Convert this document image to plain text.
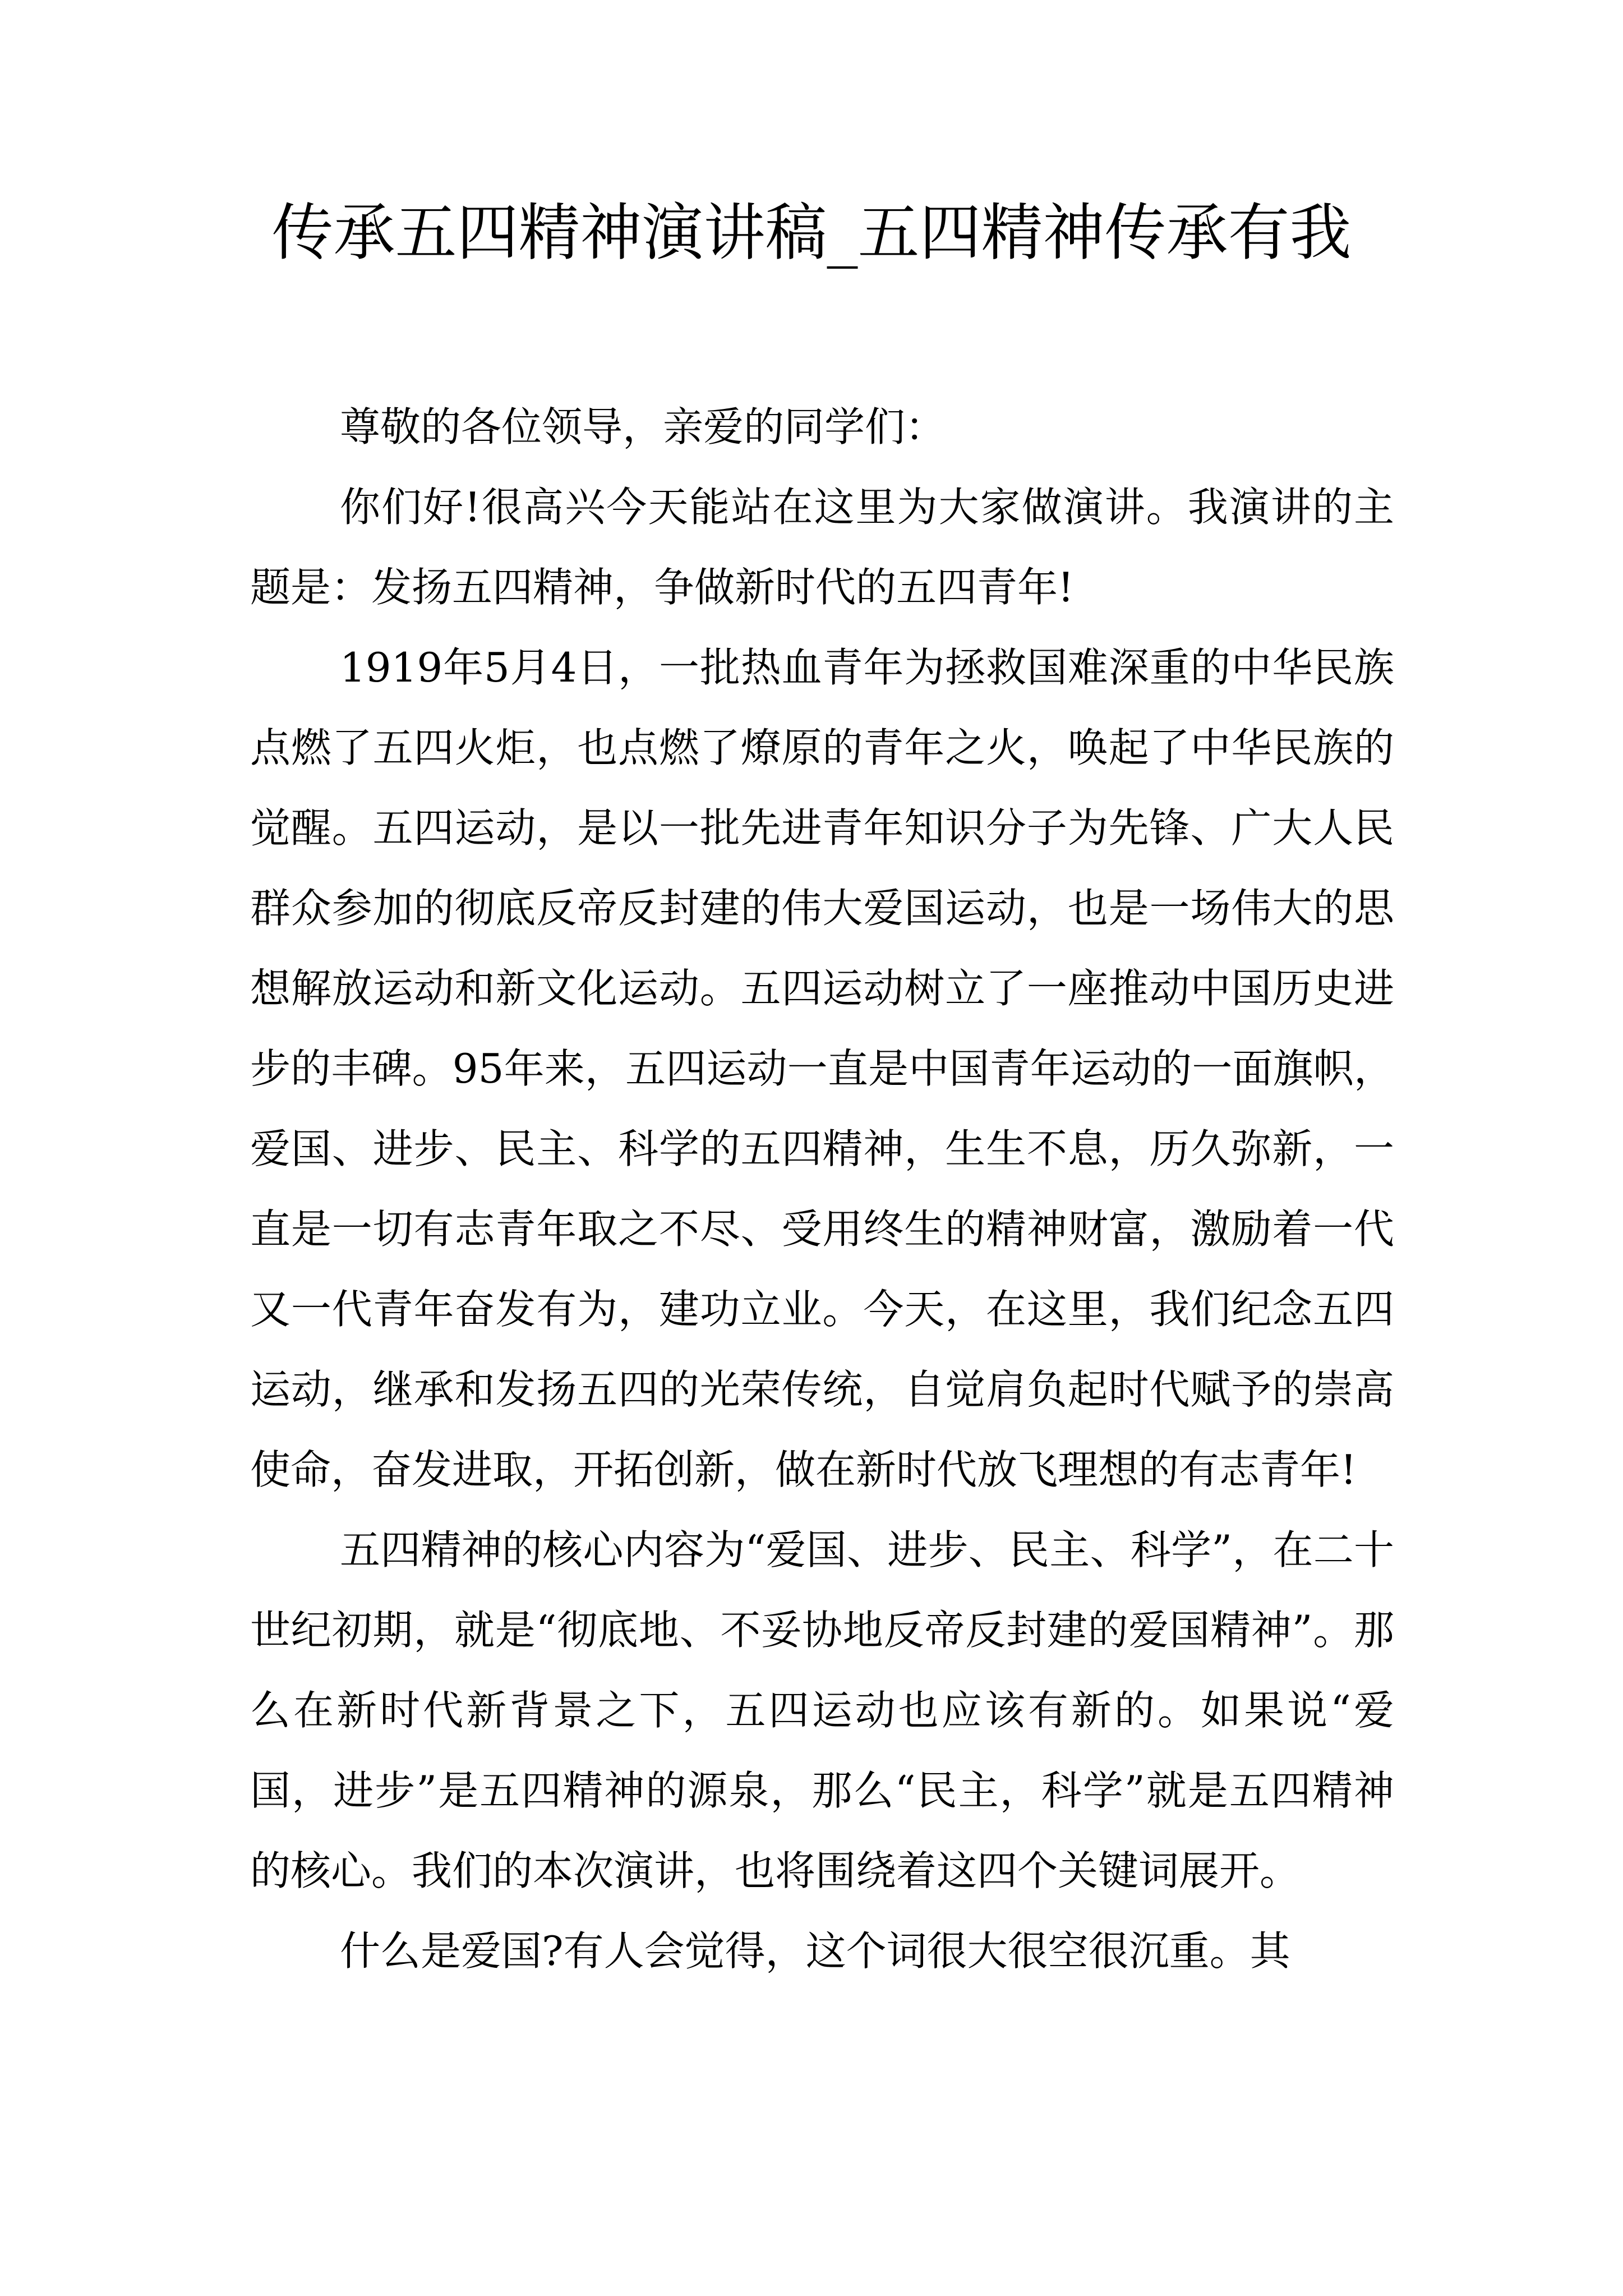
传承五四精神演讲稿_五四精神传承有我

尊敬的各位领导，亲爱的同学们：

你们好!很高兴今天能站在这里为大家做演讲。我演讲的主题是：发扬五四精神，争做新时代的五四青年!

1919年5月4日，一批热血青年为拯救国难深重的中华民族点燃了五四火炬，也点燃了燎原的青年之火，唤起了中华民族的觉醒。五四运动，是以一批先进青年知识分子为先锋、广大人民群众参加的彻底反帝反封建的伟大爱国运动，也是一场伟大的思想解放运动和新文化运动。五四运动树立了一座推动中国历史进步的丰碑。95年来，五四运动一直是中国青年运动的一面旗帜，爱国、进步、民主、科学的五四精神，生生不息，历久弥新，一直是一切有志青年取之不尽、受用终生的精神财富，激励着一代又一代青年奋发有为，建功立业。今天，在这里，我们纪念五四运动，继承和发扬五四的光荣传统，自觉肩负起时代赋予的崇高使命，奋发进取，开拓创新，做在新时代放飞理想的有志青年!

五四精神的核心内容为“爱国、进步、民主、科学”，在二十世纪初期，就是“彻底地、不妥协地反帝反封建的爱国精神”。那么在新时代新背景之下，五四运动也应该有新的。如果说“爱国，进步”是五四精神的源泉，那么“民主，科学”就是五四精神的核心。我们的本次演讲，也将围绕着这四个关键词展开。

什么是爱国?有人会觉得，这个词很大很空很沉重。其
